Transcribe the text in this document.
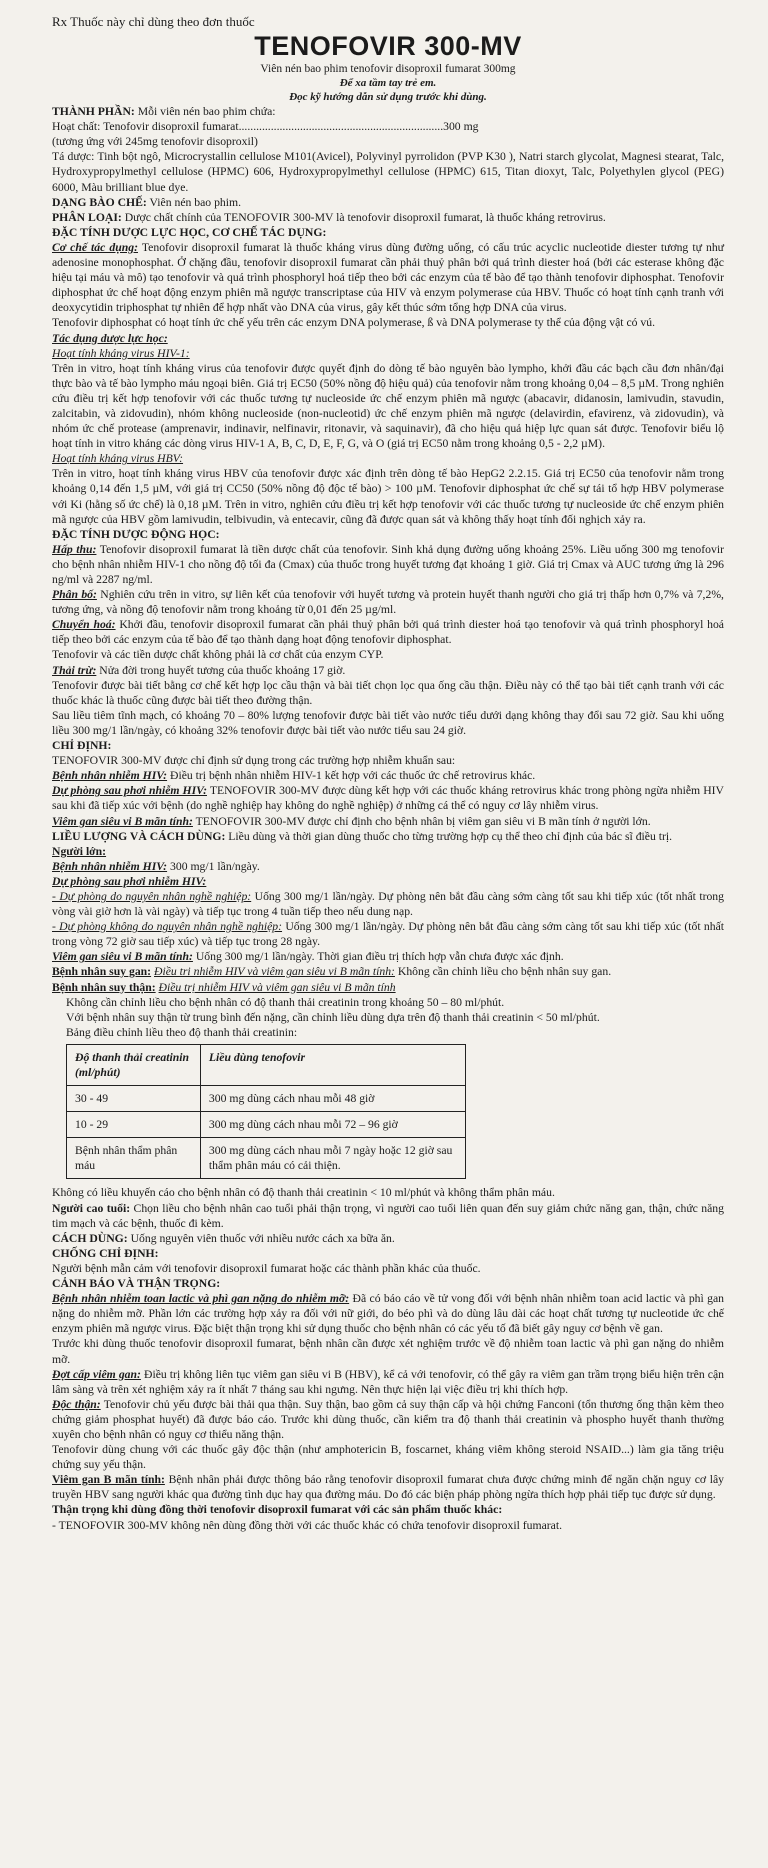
Rx Thuốc này chỉ dùng theo đơn thuốc
TENOFOVIR 300-MV
Viên nén bao phim tenofovir disoproxil fumarat 300mg
Để xa tầm tay trẻ em.
Đọc kỹ hướng dẫn sử dụng trước khi dùng.

THÀNH PHẦN: Mỗi viên nén bao phim chứa:

Hoạt chất: Tenofovir disoproxil fumarat......................................................................300 mg

(tương ứng với 245mg tenofovir disoproxil)

Tá dược: Tinh bột ngô, Microcrystallin cellulose M101(Avicel), Polyvinyl pyrrolidon (PVP K30 ), Natri starch glycolat, Magnesi stearat, Talc, Hydroxypropylmethyl cellulose (HPMC) 606, Hydroxypropylmethyl cellulose (HPMC) 615, Titan dioxyt, Talc, Polyethylen glycol (PEG) 6000, Màu brilliant blue dye.

DẠNG BÀO CHẾ: Viên nén bao phim.

PHÂN LOẠI: Dược chất chính của TENOFOVIR 300-MV là tenofovir disoproxil fumarat, là thuốc kháng retrovirus.

ĐẶC TÍNH DƯỢC LỰC HỌC, CƠ CHẾ TÁC DỤNG:

Cơ chế tác dụng: Tenofovir disoproxil fumarat là thuốc kháng virus dùng đường uống, có cấu trúc acyclic nucleotide diester tương tự như adenosine monophosphat. Ở chặng đầu, tenofovir disoproxil fumarat cần phải thuỷ phân bởi quá trình diester hoá (bởi các esterase không đặc hiệu tại máu và mô) tạo tenofovir và quá trình phosphoryl hoá tiếp theo bởi các enzym của tế bào để tạo thành tenofovir diphosphat. Tenofovir diphosphat ức chế hoạt động enzym phiên mã ngược transcriptase của HIV và enzym polymerase của HBV. Thuốc có hoạt tính cạnh tranh với deoxycytidin triphosphat tự nhiên để hợp nhất vào DNA của virus, gây kết thúc sớm tổng hợp DNA của virus.

Tenofovir diphosphat có hoạt tính ức chế yếu trên các enzym DNA polymerase, ß và DNA polymerase ty thể của động vật có vú.

Tác dụng dược lực học:

Hoạt tính kháng virus HIV-1:

Trên in vitro, hoạt tính kháng virus của tenofovir được quyết định do dòng tế bào nguyên bào lympho, khởi đầu các bạch cầu đơn nhân/đại thực bào và tế bào lympho máu ngoại biên. Giá trị EC50 (50% nồng độ hiệu quả) của tenofovir nằm trong khoảng 0,04 – 8,5 µM. Trong nghiên cứu điều trị kết hợp tenofovir với các thuốc tương tự nucleoside ức chế enzym phiên mã ngược (abacavir, didanosin, lamivudin, stavudin, zalcitabin, và zidovudin), nhóm không nucleoside (non-nucleotid) ức chế enzym phiên mã ngược (delavirdin, efavirenz, và zidovudin), và nhóm ức chế protease (amprenavir, indinavir, nelfinavir, ritonavir, và saquinavir), đã cho hiệu quả hiệp lực quan sát được. Tenofovir biểu lộ hoạt tính in vitro kháng các dòng virus HIV-1 A, B, C, D, E, F, G, và O (giá trị EC50 nằm trong khoảng 0,5 - 2,2 µM).

Hoạt tính kháng virus HBV:

Trên in vitro, hoạt tính kháng virus HBV của tenofovir được xác định trên dòng tế bào HepG2 2.2.15. Giá trị EC50 của tenofovir nằm trong khoảng 0,14 đến 1,5 µM, với giá trị CC50 (50% nồng độ độc tế bào) > 100 µM. Tenofovir diphosphat ức chế sự tái tổ hợp HBV polymerase với Ki (hằng số ức chế) là 0,18 µM. Trên in vitro, nghiên cứu điều trị kết hợp tenofovir với các thuốc tương tự nucleoside ức chế enzym phiên mã ngược của HBV gồm lamivudin, telbivudin, và entecavir, cũng đã được quan sát và không thấy hoạt tính đối nghịch xảy ra.

ĐẶC TÍNH DƯỢC ĐỘNG HỌC:

Hấp thu: Tenofovir disoproxil fumarat là tiền dược chất của tenofovir. Sinh khả dụng đường uống khoảng 25%. Liều uống 300 mg tenofovir cho bệnh nhân nhiễm HIV-1 cho nồng độ tối đa (Cmax) của thuốc trong huyết tương đạt khoảng 1 giờ. Giá trị Cmax và AUC tương ứng là 296 ng/ml và 2287 ng/ml.

Phân bố: Nghiên cứu trên in vitro, sự liên kết của tenofovir với huyết tương và protein huyết thanh người cho giá trị thấp hơn 0,7% và 7,2%, tương ứng, và nồng độ tenofovir nằm trong khoảng từ 0,01 đến 25 µg/ml.

Chuyển hoá: Khởi đầu, tenofovir disoproxil fumarat cần phải thuỷ phân bởi quá trình diester hoá tạo tenofovir và quá trình phosphoryl hoá tiếp theo bởi các enzym của tế bào để tạo thành dạng hoạt động tenofovir diphosphat.

Tenofovir và các tiền dược chất không phải là cơ chất của enzym CYP.

Thải trừ: Nửa đời trong huyết tương của thuốc khoảng 17 giờ.

Tenofovir được bài tiết bằng cơ chế kết hợp lọc cầu thận và bài tiết chọn lọc qua ống cầu thận. Điều này có thể tạo bài tiết cạnh tranh với các thuốc khác là thuốc cũng được bài tiết theo đường thận.

Sau liều tiêm tĩnh mạch, có khoảng 70 – 80% lượng tenofovir được bài tiết vào nước tiểu dưới dạng không thay đổi sau 72 giờ. Sau khi uống liều 300 mg/1 lần/ngày, có khoảng 32% tenofovir được bài tiết vào nước tiểu sau 24 giờ.

CHỈ ĐỊNH:

TENOFOVIR 300-MV được chỉ định sử dụng trong các trường hợp nhiễm khuẩn sau:

Bệnh nhân nhiễm HIV: Điều trị bệnh nhân nhiễm HIV-1 kết hợp với các thuốc ức chế retrovirus khác.

Dự phòng sau phơi nhiễm HIV: TENOFOVIR 300-MV được dùng kết hợp với các thuốc kháng retrovirus khác trong phòng ngừa nhiễm HIV sau khi đã tiếp xúc với bệnh (do nghề nghiệp hay không do nghề nghiệp) ở những cá thể có nguy cơ lây nhiễm virus.

Viêm gan siêu vi B mãn tính: TENOFOVIR 300-MV được chỉ định cho bệnh nhân bị viêm gan siêu vi B mãn tính ở người lớn.

LIỀU LƯỢNG VÀ CÁCH DÙNG: Liều dùng và thời gian dùng thuốc cho từng trường hợp cụ thể theo chỉ định của bác sĩ điều trị.

Người lớn:

Bệnh nhân nhiễm HIV: 300 mg/1 lần/ngày.

Dự phòng sau phơi nhiễm HIV:

- Dự phòng do nguyên nhân nghề nghiệp: Uống 300 mg/1 lần/ngày. Dự phòng nên bắt đầu càng sớm càng tốt sau khi tiếp xúc (tốt nhất trong vòng vài giờ hơn là vài ngày) và tiếp tục trong 4 tuần tiếp theo nếu dung nạp.

- Dự phòng không do nguyên nhân nghề nghiệp: Uống 300 mg/1 lần/ngày. Dự phòng nên bắt đầu càng sớm càng tốt sau khi tiếp xúc (tốt nhất trong vòng 72 giờ sau tiếp xúc) và tiếp tục trong 28 ngày.

Viêm gan siêu vi B mãn tính: Uống 300 mg/1 lần/ngày. Thời gian điều trị thích hợp vẫn chưa được xác định.

Bệnh nhân suy gan: Điều trị nhiễm HIV và viêm gan siêu vi B mãn tính: Không cần chỉnh liều cho bệnh nhân suy gan.

Bệnh nhân suy thận: Điều trị nhiễm HIV và viêm gan siêu vi B mãn tính

Không cần chỉnh liều cho bệnh nhân có độ thanh thải creatinin trong khoảng 50 – 80 ml/phút.

Với bệnh nhân suy thận từ trung bình đến nặng, cần chỉnh liều dùng dựa trên độ thanh thải creatinin < 50 ml/phút.

Bảng điều chỉnh liều theo độ thanh thải creatinin:

Độ thanh thải creatinin (ml/phút)	Liều dùng tenofovir
30 - 49	300 mg dùng cách nhau mỗi 48 giờ
10 - 29	300 mg dùng cách nhau mỗi 72 – 96 giờ
Bệnh nhân thẩm phân máu	300 mg dùng cách nhau mỗi 7 ngày hoặc 12 giờ sau thẩm phân máu có cải thiện.

Không có liều khuyến cáo cho bệnh nhân có độ thanh thải creatinin < 10 ml/phút và không thẩm phân máu.

Người cao tuổi: Chọn liều cho bệnh nhân cao tuổi phải thận trọng, vì người cao tuổi liên quan đến suy giảm chức năng gan, thận, chức năng tim mạch và các bệnh, thuốc đi kèm.

CÁCH DÙNG: Uống nguyên viên thuốc với nhiều nước cách xa bữa ăn.

CHỐNG CHỈ ĐỊNH:

Người bệnh mẫn cảm với tenofovir disoproxil fumarat hoặc các thành phần khác của thuốc.

CẢNH BÁO VÀ THẬN TRỌNG:

Bệnh nhân nhiễm toan lactic và phì gan nặng do nhiễm mỡ: Đã có báo cáo về tử vong đối với bệnh nhân nhiễm toan acid lactic và phì gan nặng do nhiễm mỡ. Phần lớn các trường hợp xảy ra đối với nữ giới, do béo phì và do dùng lâu dài các hoạt chất tương tự nucleotide ức chế enzym phiên mã ngược virus. Đặc biệt thận trọng khi sử dụng thuốc cho bệnh nhân có các yếu tố đã biết gây nguy cơ bệnh về gan.

Trước khi dùng thuốc tenofovir disoproxil fumarat, bệnh nhân cần được xét nghiệm trước về độ nhiễm toan lactic và phì gan nặng do nhiễm mỡ.

Đợt cấp viêm gan: Điều trị không liên tục viêm gan siêu vi B (HBV), kể cả với tenofovir, có thể gây ra viêm gan trầm trọng biểu hiện trên cận lâm sàng và trên xét nghiệm xảy ra ít nhất 7 tháng sau khi ngưng. Nên thực hiện lại việc điều trị khi thích hợp.

Độc thận: Tenofovir chủ yếu được bài thải qua thận. Suy thận, bao gồm cả suy thận cấp và hội chứng Fanconi (tổn thương ống thận kèm theo chứng giảm phosphat huyết) đã được báo cáo. Trước khi dùng thuốc, cần kiểm tra độ thanh thải creatinin và phospho huyết thanh thường xuyên cho bệnh nhân có nguy cơ thiểu năng thận.

Tenofovir dùng chung với các thuốc gây độc thận (như amphotericin B, foscarnet, kháng viêm không steroid NSAID...) làm gia tăng triệu chứng suy yếu thận.

Viêm gan B mãn tính: Bệnh nhân phải được thông báo rằng tenofovir disoproxil fumarat chưa được chứng minh để ngăn chặn nguy cơ lây truyền HBV sang người khác qua đường tình dục hay qua đường máu. Do đó các biện pháp phòng ngừa thích hợp phải tiếp tục được sử dụng.

Thận trọng khi dùng đồng thời tenofovir disoproxil fumarat với các sản phẩm thuốc khác:

- TENOFOVIR 300-MV không nên dùng đồng thời với các thuốc khác có chứa tenofovir disoproxil fumarat.
